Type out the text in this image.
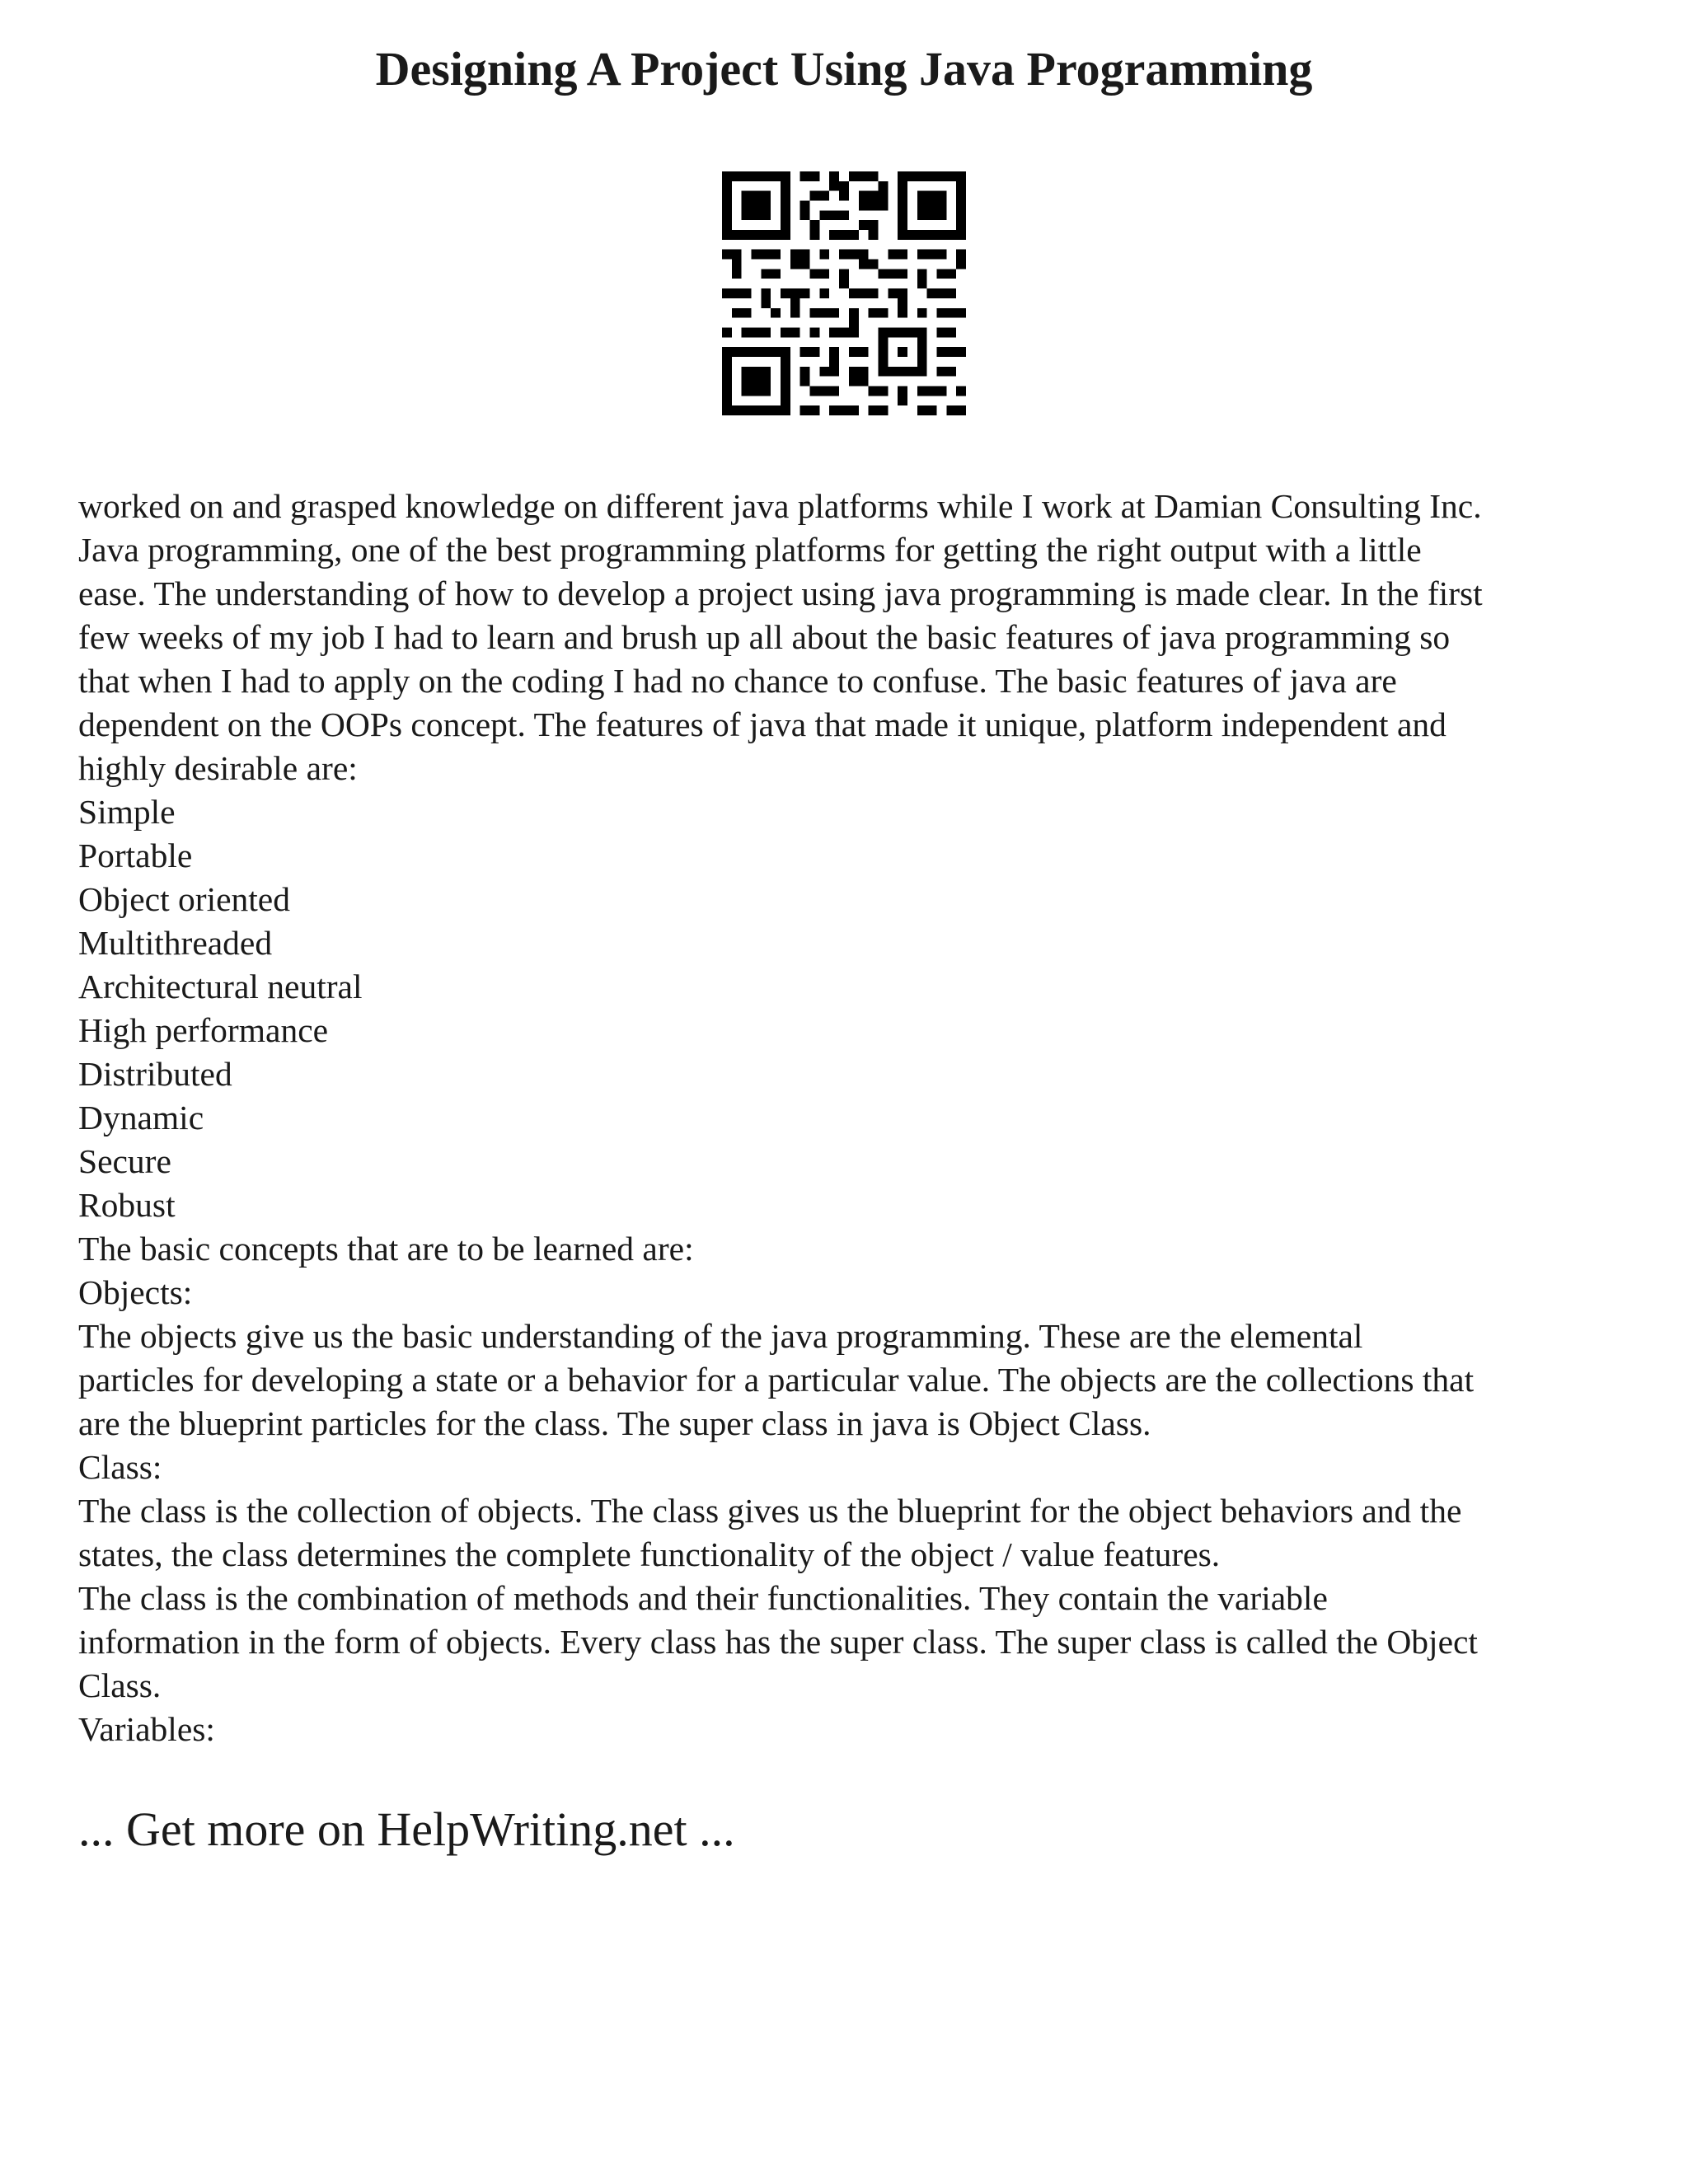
Designing A Project Using Java Programming
worked on and grasped knowledge on different java platforms while I work at Damian Consulting Inc.
Java programming, one of the best programming platforms for getting the right output with a little
ease. The understanding of how to develop a project using java programming is made clear. In the first
few weeks of my job I had to learn and brush up all about the basic features of java programming so
that when I had to apply on the coding I had no chance to confuse. The basic features of java are
dependent on the OOPs concept. The features of java that made it unique, platform independent and
highly desirable are:
Simple
Portable
Object oriented
Multithreaded
Architectural neutral
High performance
Distributed
Dynamic
Secure
Robust
The basic concepts that are to be learned are:
Objects:
The objects give us the basic understanding of the java programming. These are the elemental
particles for developing a state or a behavior for a particular value. The objects are the collections that
are the blueprint particles for the class. The super class in java is Object Class.
Class:
The class is the collection of objects. The class gives us the blueprint for the object behaviors and the
states, the class determines the complete functionality of the object / value features.
The class is the combination of methods and their functionalities. They contain the variable
information in the form of objects. Every class has the super class. The super class is called the Object
Class.
Variables:
... Get more on HelpWriting.net ...
